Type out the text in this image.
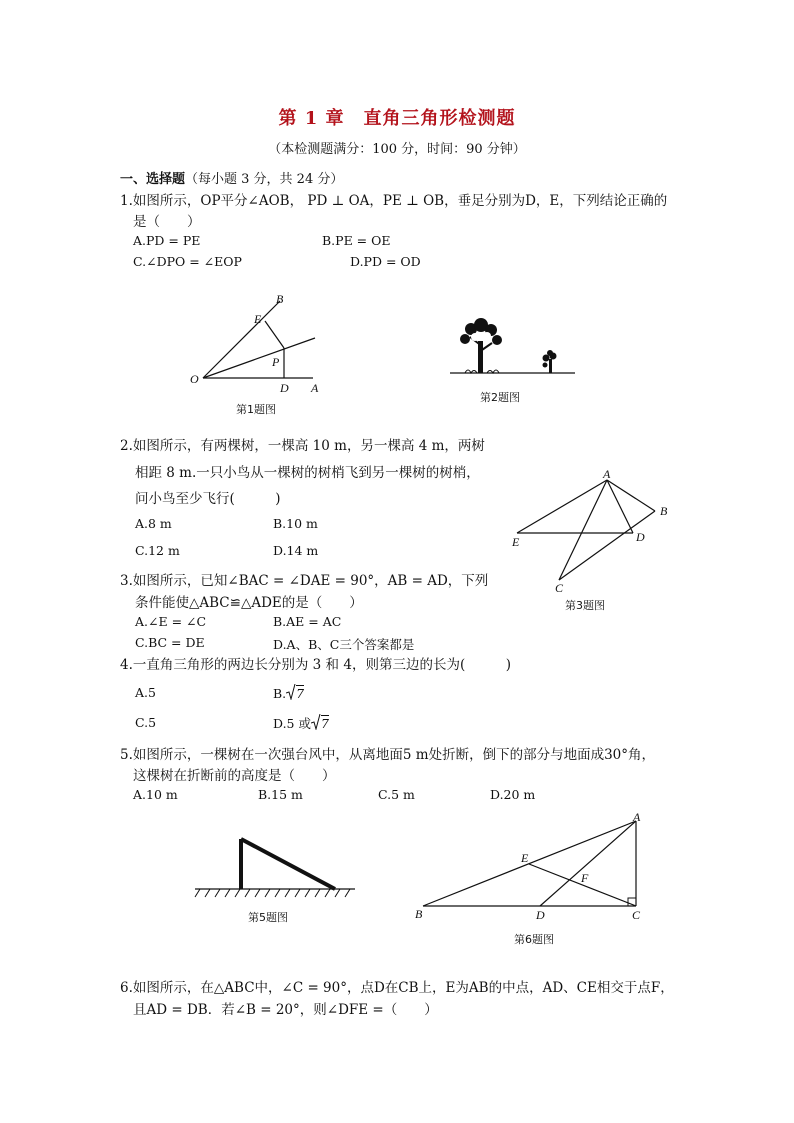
第 1 章　直角三角形检测题
（本检测题满分：100 分，时间：90 分钟）
一、选择题（每小题 3 分，共 24 分）
1.如图所示，OP平分∠AOB， PD ⊥ OA，PE ⊥ OB，垂足分别为D，E，下列结论正确的
是（　　）
A.PD = PE	B.PE = OE
C.∠DPO = ∠EOP	D.PD = OD
B
E
P
O
D A
第1题图
第2题图
2.如图所示，有两棵树，一棵高 10 m，另一棵高 4 m，两树
相距 8 m.一只小鸟从一棵树的树梢飞到另一棵树的树梢，
问小鸟至少飞行(　　　)
A.8 m	B.10 m
C.12 m	D.14 m
A
B
E	D
C
第3题图
3.如图所示，已知∠BAC = ∠DAE = 90°，AB = AD，下列
条件能使△ABC≌△ADE的是（　　）
A.∠E = ∠C	B.AE = AC
C.BC = DE	D.A、B、C三个答案都是
4.一直角三角形的两边长分别为 3 和 4，则第三边的长为(　　　)
A.5	B. 7
C.5	D.5 或 7
5.如图所示，一棵树在一次强台风中，从离地面5 m处折断，倒下的部分与地面成30°角，
这棵树在折断前的高度是（　　）
A.10 m	B.15 m	C.5 m	D.20 m
第5题图
A
E
F
B	D	C
第6题图
6.如图所示，在△ABC中，∠C = 90°，点D在CB上，E为AB的中点，AD、CE相交于点F，
且AD = DB．若∠B = 20°，则∠DFE =（　　）
